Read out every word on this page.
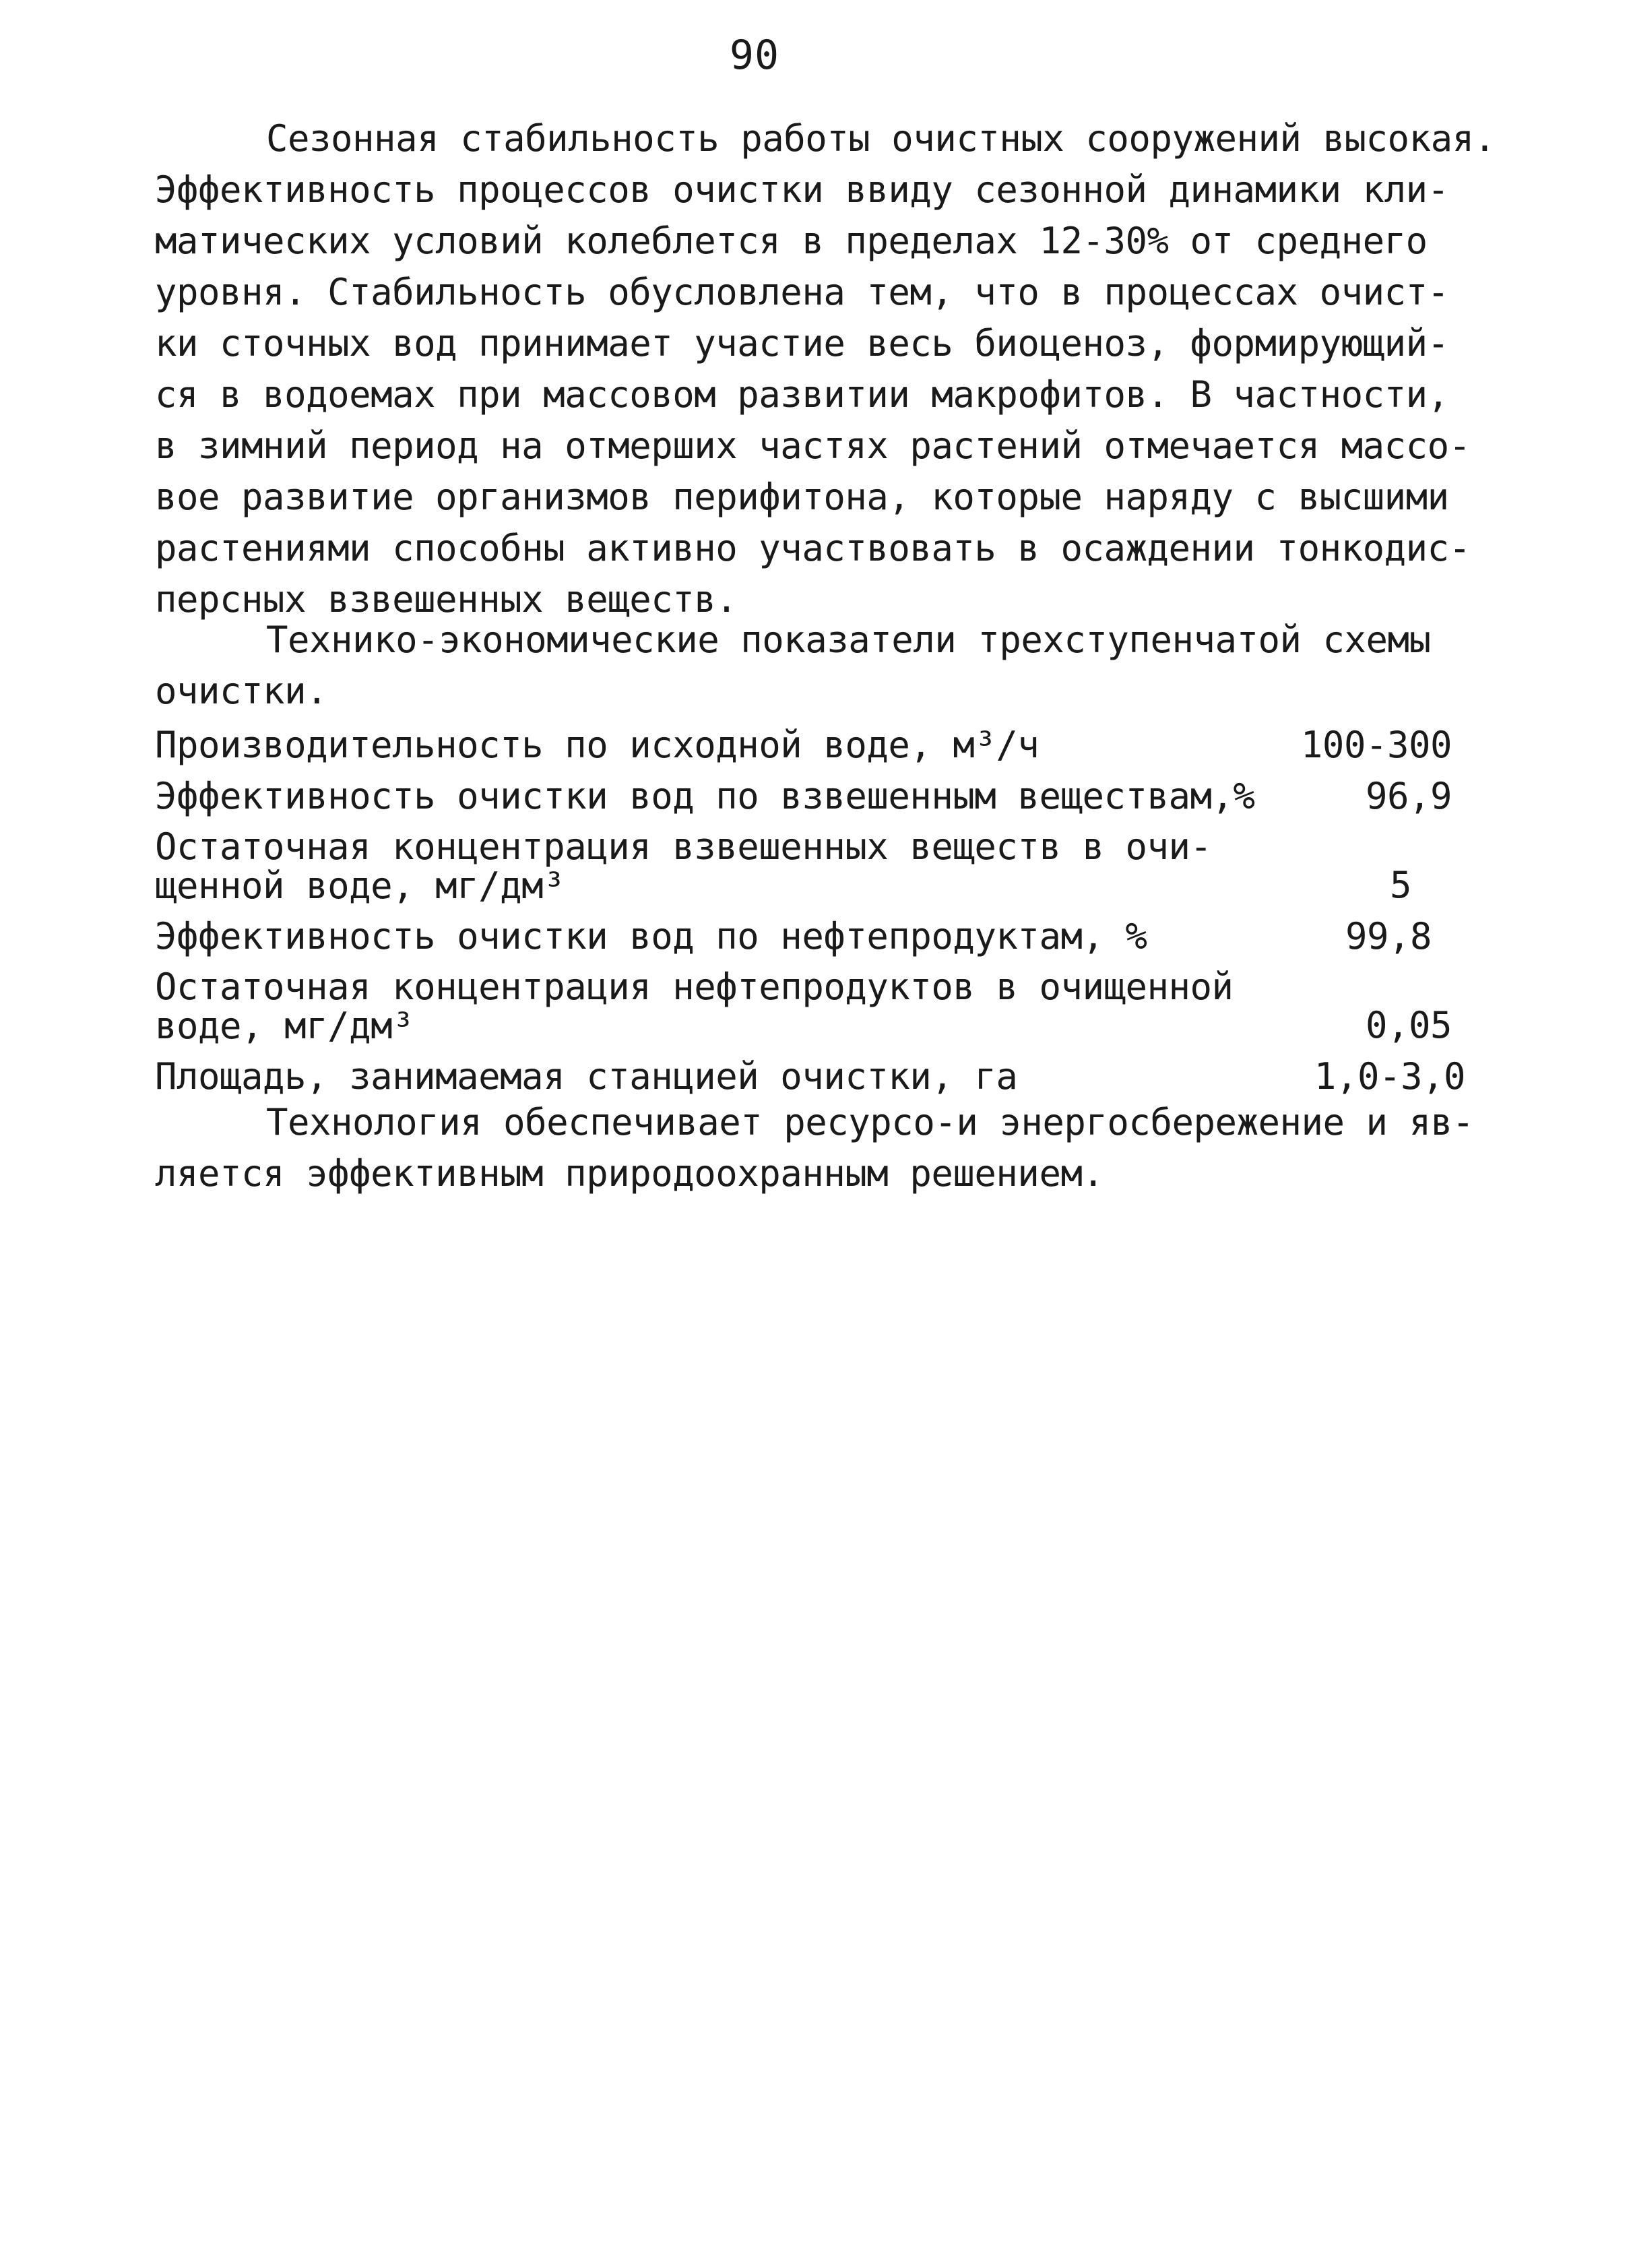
90
Сезонная стабильность работы очистных сооружений высокая.
Эффективность процессов очистки ввиду сезонной динамики кли-
матических условий колеблется в пределах 12-30% от среднего
уровня. Стабильность обусловлена тем, что в процессах очист-
ки сточных вод принимает участие весь биоценоз, формирующий-
ся в водоемах при массовом развитии макрофитов. В частности,
в зимний период на отмерших частях растений отмечается массо-
вое развитие организмов перифитона, которые наряду с высшими
растениями способны активно участвовать в осаждении тонкодис-
персных взвешенных веществ.
Технико-экономические показатели трехступенчатой схемы
очистки.
Производительность по исходной воде, м³/ч	100-300
Эффективность очистки вод по взвешенным веществам,%	96,9
Остаточная концентрация взвешенных веществ в очи-
щенной воде, мг/дм³	5
Эффективность очистки вод по нефтепродуктам, %	99,8
Остаточная концентрация нефтепродуктов в очищенной
воде, мг/дм³	0,05
Площадь, занимаемая станцией очистки, га	1,0-3,0
Технология обеспечивает ресурсо-и энергосбережение и яв-
ляется эффективным природоохранным решением.
